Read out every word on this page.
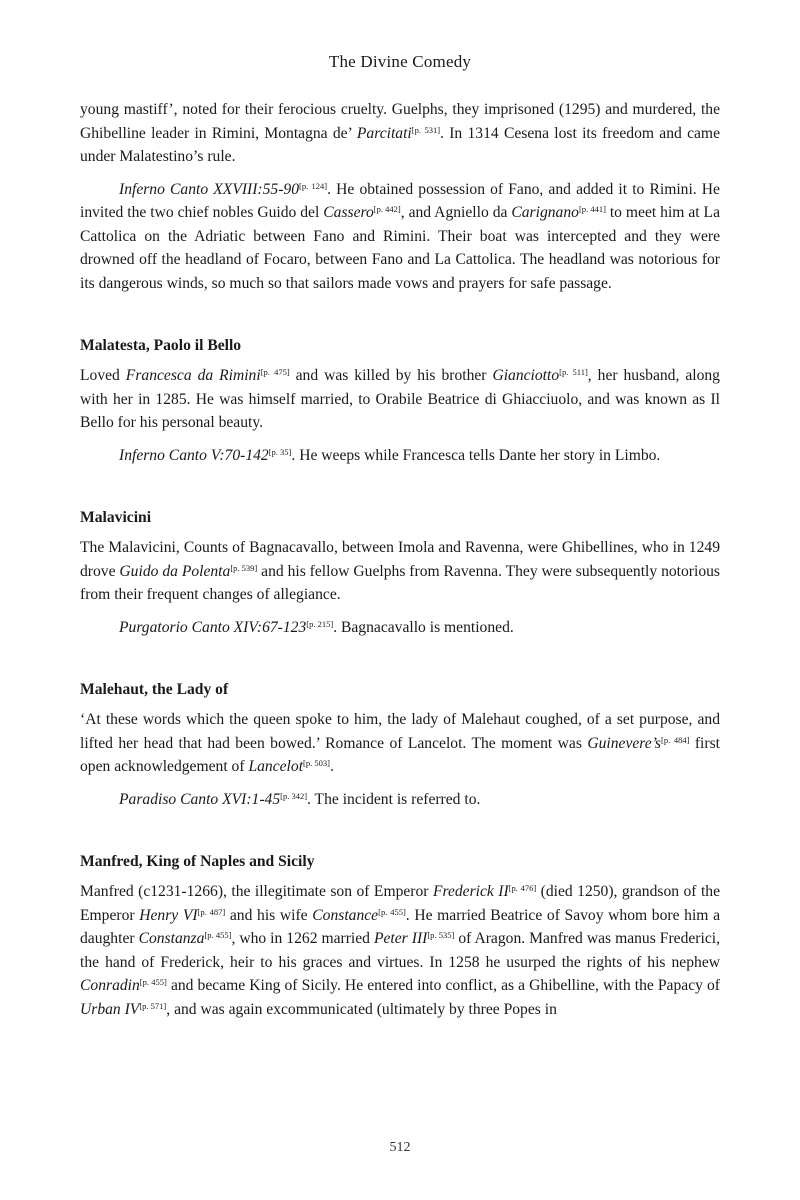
The Divine Comedy

young mastiff’, noted for their ferocious cruelty. Guelphs, they imprisoned (1295) and murdered, the Ghibelline leader in Rimini, Montagna de’ Parcitati[p. 531]. In 1314 Cesena lost its freedom and came under Malatestino’s rule.

Inferno Canto XXVIII:55-90[p. 124]. He obtained possession of Fano, and added it to Rimini. He invited the two chief nobles Guido del Cassero[p. 442], and Agniello da Carignano[p. 441] to meet him at La Cattolica on the Adriatic between Fano and Rimini. Their boat was intercepted and they were drowned off the headland of Focaro, between Fano and La Cattolica. The headland was notorious for its dangerous winds, so much so that sailors made vows and prayers for safe passage.

Malatesta, Paolo il Bello

Loved Francesca da Rimini[p. 475] and was killed by his brother Gianciotto[p. 511], her husband, along with her in 1285. He was himself married, to Orabile Beatrice di Ghiacciuolo, and was known as Il Bello for his personal beauty.

Inferno Canto V:70-142[p. 35]. He weeps while Francesca tells Dante her story in Limbo.

Malavicini

The Malavicini, Counts of Bagnacavallo, between Imola and Ravenna, were Ghibellines, who in 1249 drove Guido da Polenta[p. 539] and his fellow Guelphs from Ravenna. They were subsequently notorious from their frequent changes of allegiance.

Purgatorio Canto XIV:67-123[p. 215]. Bagnacavallo is mentioned.

Malehaut, the Lady of

‘At these words which the queen spoke to him, the lady of Malehaut coughed, of a set purpose, and lifted her head that had been bowed.’ Romance of Lancelot. The moment was Guinevere’s[p. 484] first open acknowledgement of Lancelot[p. 503].

Paradiso Canto XVI:1-45[p. 342]. The incident is referred to.

Manfred, King of Naples and Sicily

Manfred (c1231-1266), the illegitimate son of Emperor Frederick II[p. 476] (died 1250), grandson of the Emperor Henry VI[p. 487] and his wife Constance[p. 455]. He married Beatrice of Savoy whom bore him a daughter Constanza[p. 455], who in 1262 married Peter III[p. 535] of Aragon. Manfred was manus Frederici, the hand of Frederick, heir to his graces and virtues. In 1258 he usurped the rights of his nephew Conradin[p. 455] and became King of Sicily. He entered into conflict, as a Ghibelline, with the Papacy of Urban IV[p. 571], and was again excommunicated (ultimately by three Popes in

512
